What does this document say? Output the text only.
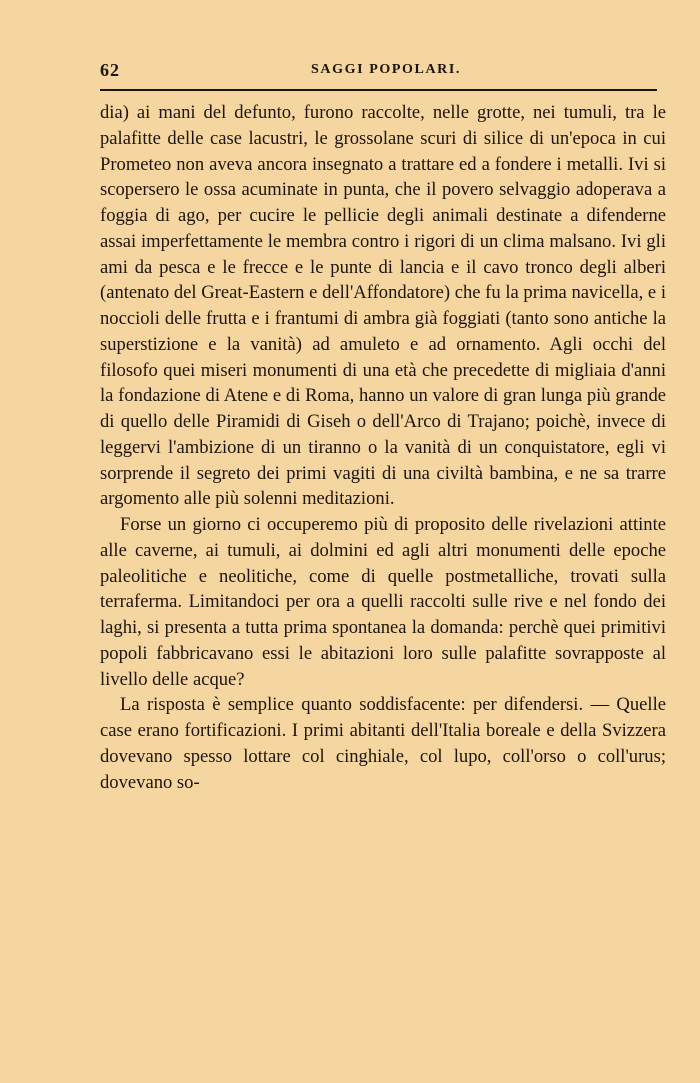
62	SAGGI POPOLARI.

dia) ai mani del defunto, furono raccolte, nelle grotte, nei tumuli, tra le palafitte delle case lacustri, le grossolane scuri di silice di un'epoca in cui Prometeo non aveva ancora insegnato a trattare ed a fondere i metalli. Ivi si scopersero le ossa acuminate in punta, che il povero selvaggio adoperava a foggia di ago, per cucire le pellicie degli animali destinate a difenderne assai imperfettamente le membra contro i rigori di un clima malsano. Ivi gli ami da pesca e le frecce e le punte di lancia e il cavo tronco degli alberi (antenato del Great-Eastern e dell'Affondatore) che fu la prima navicella, e i noccioli delle frutta e i frantumi di ambra già foggiati (tanto sono antiche la superstizione e la vanità) ad amuleto e ad ornamento. Agli occhi del filosofo quei miseri monumenti di una età che precedette di migliaia d'anni la fondazione di Atene e di Roma, hanno un valore di gran lunga più grande di quello delle Piramidi di Giseh o dell'Arco di Trajano; poichè, invece di leggervi l'ambizione di un tiranno o la vanità di un conquistatore, egli vi sorprende il segreto dei primi vagiti di una civiltà bambina, e ne sa trarre argomento alle più solenni meditazioni.

Forse un giorno ci occuperemo più di proposito delle rivelazioni attinte alle caverne, ai tumuli, ai dolmini ed agli altri monumenti delle epoche paleolitiche e neolitiche, come di quelle postmetalliche, trovati sulla terraferma. Limitandoci per ora a quelli raccolti sulle rive e nel fondo dei laghi, si presenta a tutta prima spontanea la domanda: perchè quei primitivi popoli fabbricavano essi le abitazioni loro sulle palafitte sovrapposte al livello delle acque?

La risposta è semplice quanto soddisfacente: per difendersi. — Quelle case erano fortificazioni. I primi abitanti dell'Italia boreale e della Svizzera dovevano spesso lottare col cinghiale, col lupo, coll'orso o coll'urus; dovevano so-
